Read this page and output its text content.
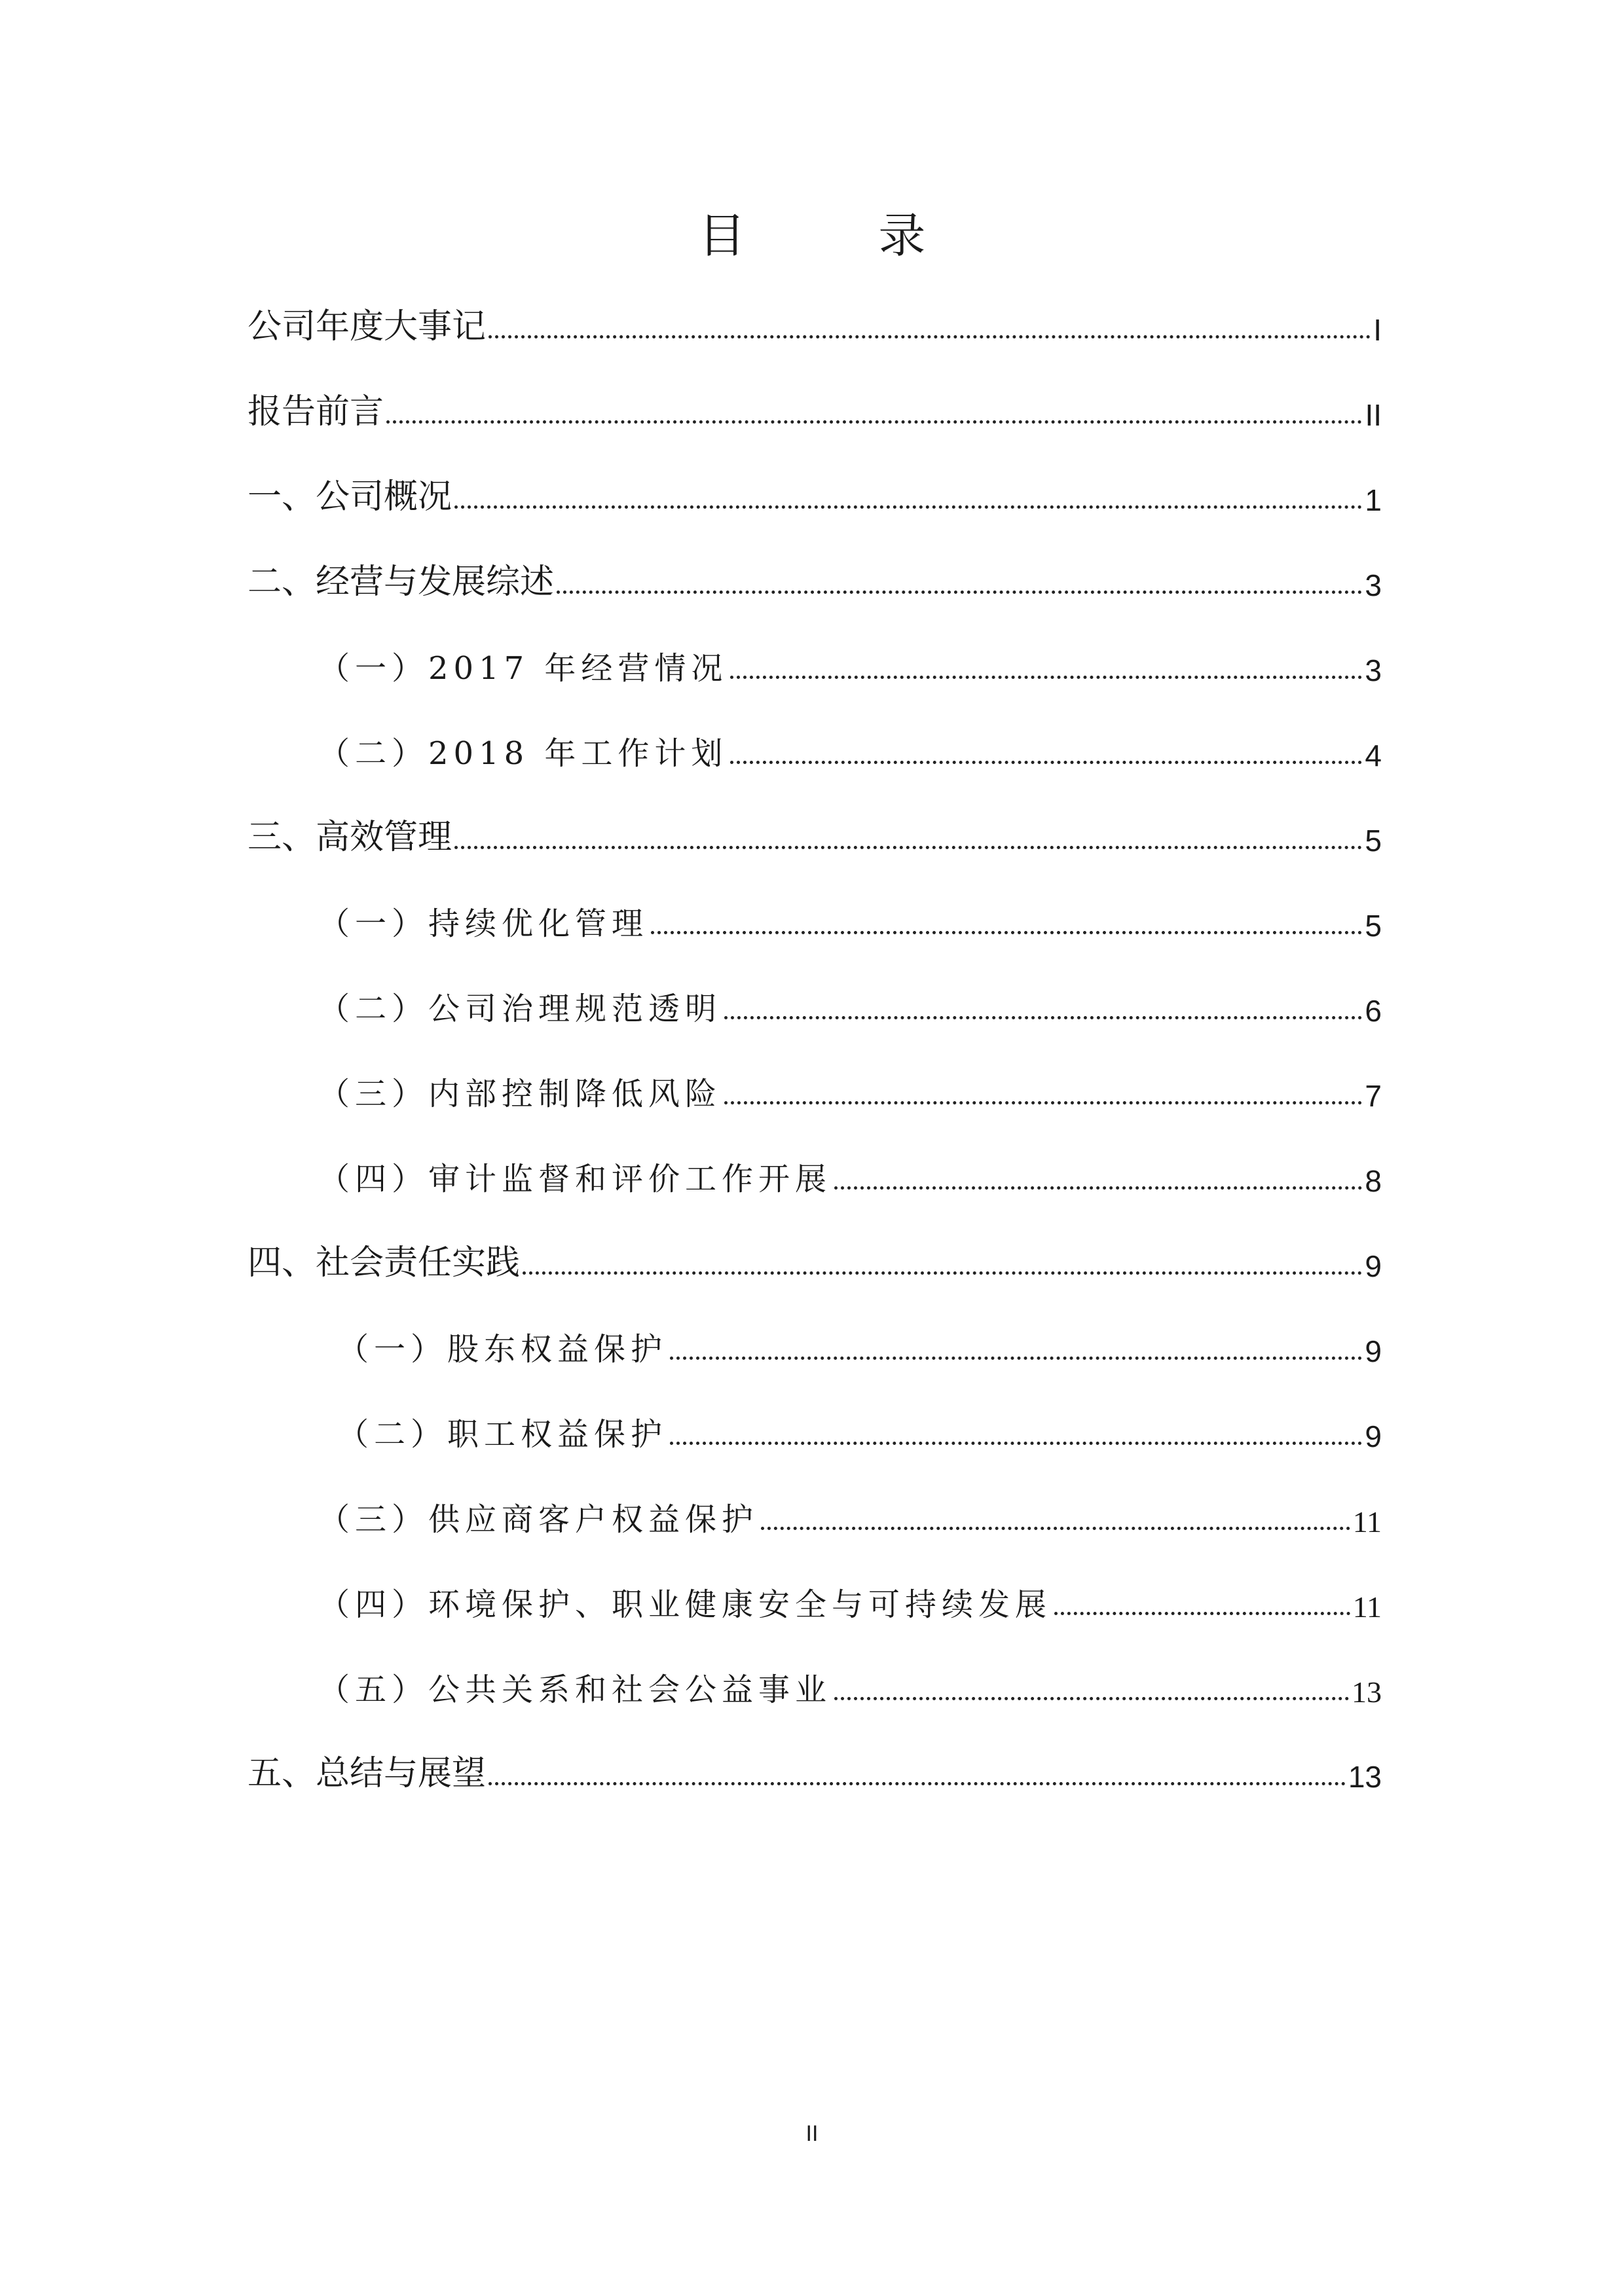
目 录
公司年度大事记	I
报告前言	II
一、公司概况	1
二、经营与发展综述	3
（一）2017 年经营情况	3
（二）2018 年工作计划	4
三、高效管理	5
（一）持续优化管理	5
（二）公司治理规范透明	6
（三）内部控制降低风险	7
（四）审计监督和评价工作开展	8
四、社会责任实践	9
（一）股东权益保护	9
（二）职工权益保护	9
（三）供应商客户权益保护	11
（四）环境保护、职业健康安全与可持续发展	11
（五）公共关系和社会公益事业	13
五、总结与展望	13
II
